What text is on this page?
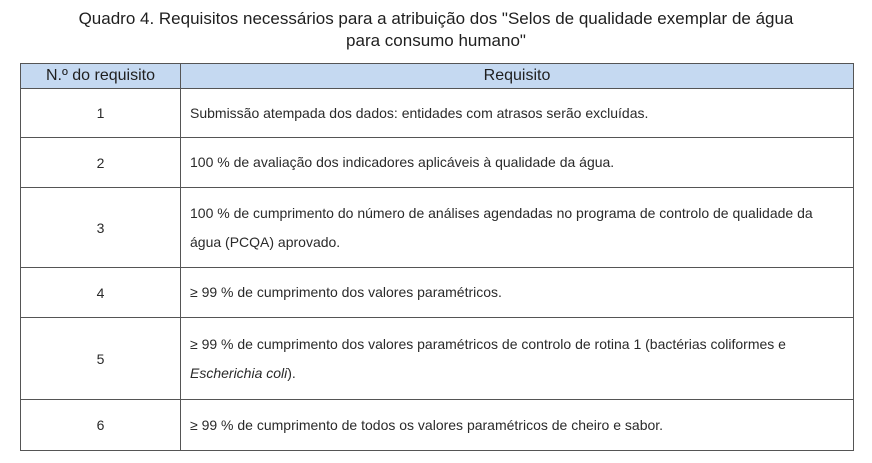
Quadro 4. Requisitos necessários para a atribuição dos "Selos de qualidade exemplar de água
para consumo humano"
N.º do requisito	Requisito
1	Submissão atempada dos dados: entidades com atrasos serão excluídas.
2	100 % de avaliação dos indicadores aplicáveis à qualidade da água.
3	100 % de cumprimento do número de análises agendadas no programa de controlo de qualidade da água (PCQA) aprovado.
4	≥ 99 % de cumprimento dos valores paramétricos.
5	≥ 99 % de cumprimento dos valores paramétricos de controlo de rotina 1 (bactérias coliformes e Escherichia coli).
6	≥ 99 % de cumprimento de todos os valores paramétricos de cheiro e sabor.
